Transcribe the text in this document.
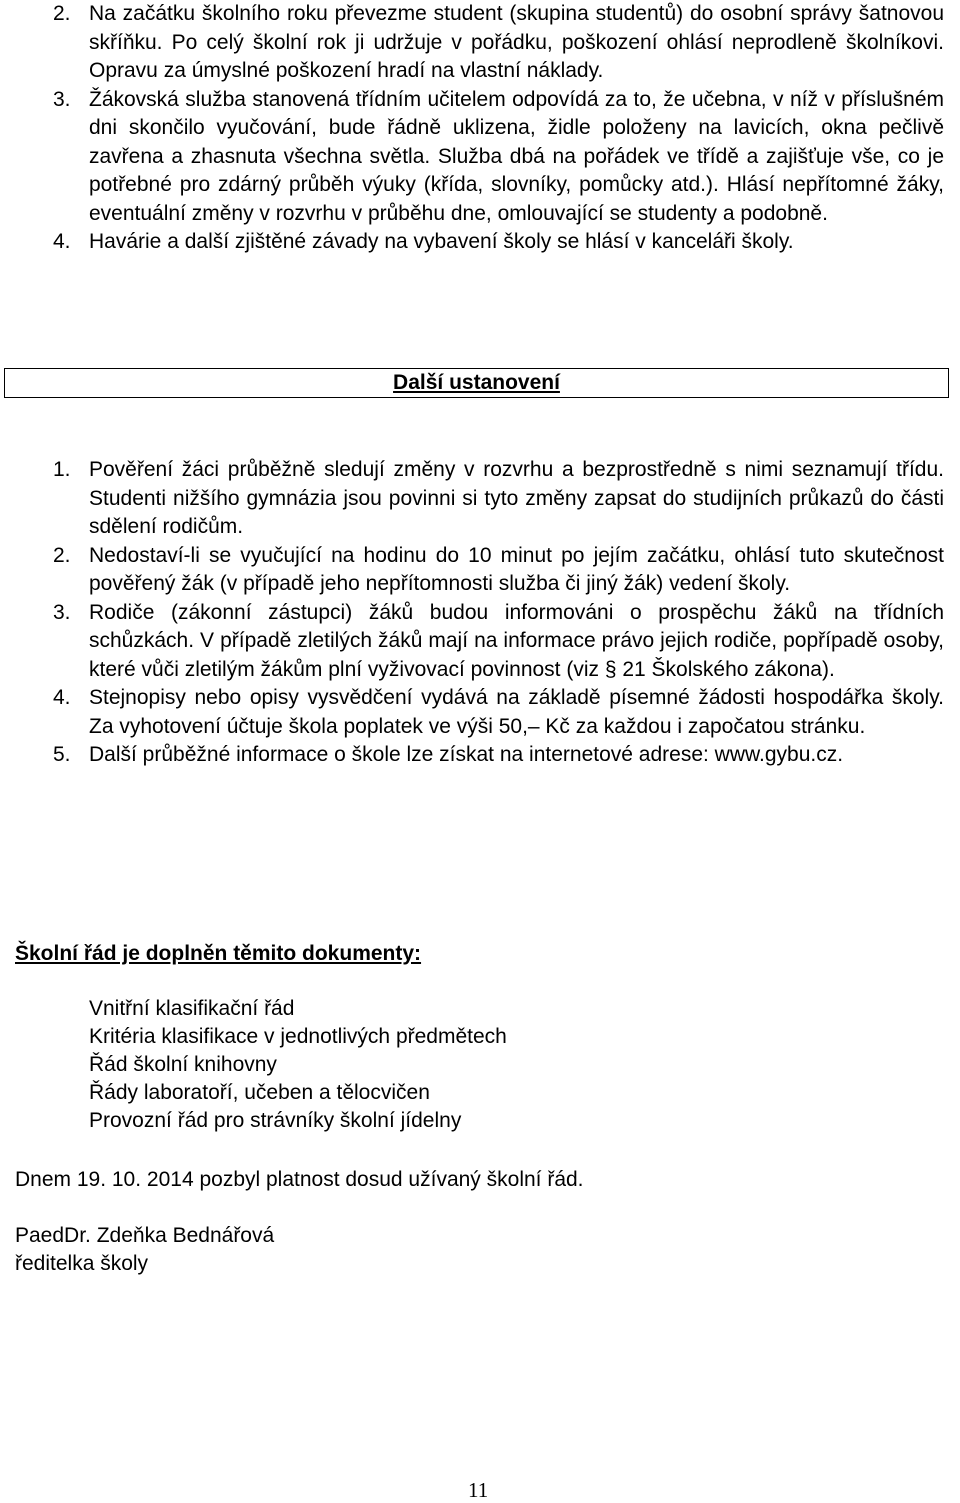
2. Na začátku školního roku převezme student (skupina studentů) do osobní správy šatnovou skříňku. Po celý školní rok ji udržuje v pořádku, poškození ohlásí neprodleně školníkovi. Opravu za úmyslné poškození hradí na vlastní náklady.
3. Žákovská služba stanovená třídním učitelem odpovídá za to, že učebna, v níž v příslušném dni skončilo vyučování, bude řádně uklizena, židle položeny na lavicích, okna pečlivě zavřena a zhasnuta všechna světla. Služba dbá na pořádek ve třídě a zajišťuje vše, co je potřebné pro zdárný průběh výuky (křída, slovníky, pomůcky atd.). Hlásí nepřítomné žáky, eventuální změny v rozvrhu v průběhu dne, omlouvající se studenty a podobně.
4. Havárie a další zjištěné závady na vybavení školy se hlásí v kanceláři školy.
Další ustanovení
1. Pověření žáci průběžně sledují změny v rozvrhu a bezprostředně s nimi seznamují třídu. Studenti nižšího gymnázia jsou povinni si tyto změny zapsat do studijních průkazů do části sdělení rodičům.
2. Nedostaví-li se vyučující na hodinu do 10 minut po jejím začátku, ohlásí tuto skutečnost pověřený žák (v případě jeho nepřítomnosti služba či jiný žák) vedení školy.
3. Rodiče (zákonní zástupci) žáků budou informováni o prospěchu žáků na třídních schůzkách. V případě zletilých žáků mají na informace právo jejich rodiče, popřípadě osoby, které vůči zletilým žákům plní vyživovací povinnost (viz § 21 Školského zákona).
4. Stejnopisy nebo opisy vysvědčení vydává na základě písemné žádosti hospodářka školy. Za vyhotovení účtuje škola poplatek ve výši 50,– Kč za každou i započatou stránku.
5. Další průběžné informace o škole lze získat na internetové adrese: www.gybu.cz.
Školní řád je doplněn těmito dokumenty:
Vnitřní klasifikační řád
Kritéria klasifikace v jednotlivých předmětech
Řád školní knihovny
Řády laboratoří, učeben a tělocvičen
Provozní řád pro strávníky školní jídelny
Dnem 19. 10. 2014 pozbyl platnost dosud užívaný školní řád.
PaedDr. Zdeňka Bednářová
ředitelka školy
11
